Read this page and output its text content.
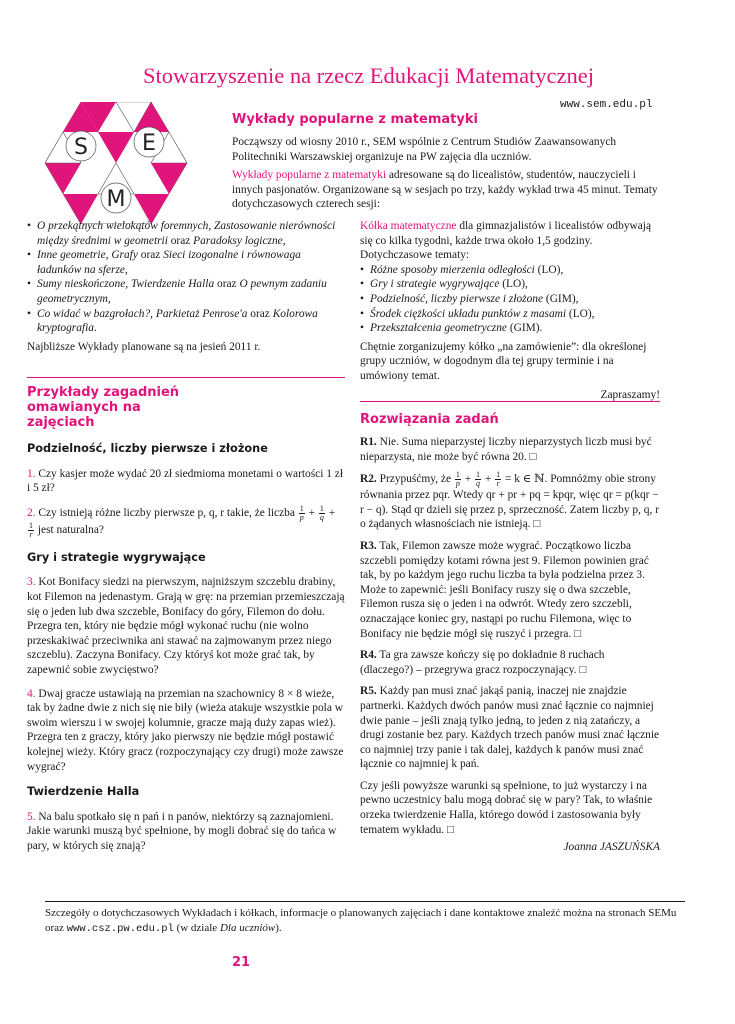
Stowarzyszenie na rzecz Edukacji Matematycznej
www.sem.edu.pl
Wykłady popularne z matematyki
S E
M

Począwszy od wiosny 2010 r., SEM wspólnie z Centrum Studiów Zaawansowanych Politechniki Warszawskiej organizuje na PW zajęcia dla uczniów.

Wykłady popularne z matematyki adresowane są do licealistów, studentów, nauczycieli i innych pasjonatów. Organizowane są w sesjach po trzy, każdy wykład trwa 45 minut. Tematy dotychczasowych czterech sesji:

• O przekątnych wielokątów foremnych, Zastosowanie nierówności między średnimi w geometrii oraz Paradoksy logiczne,
• Inne geometrie, Grafy oraz Sieci izogonalne i równowaga ładunków na sferze,
• Sumy nieskończone, Twierdzenie Halla oraz O pewnym zadaniu geometrycznym,
• Co widać w bazgrołach?, Parkietaż Penrose'a oraz Kolorowa kryptografia.

Najbliższe Wykłady planowane są na jesień 2011 r.

Kółka matematyczne dla gimnazjalistów i licealistów odbywają się co kilka tygodni, każde trwa około 1,5 godziny. Dotychczasowe tematy:

• Różne sposoby mierzenia odległości (LO),
• Gry i strategie wygrywające (LO),
• Podzielność, liczby pierwsze i złożone (GIM),
• Środek ciężkości układu punktów z masami (LO),
• Przekształcenia geometryczne (GIM).

Chętnie zorganizujemy kółko „na zamówienie”: dla określonej grupy uczniów, w dogodnym dla tej grupy terminie i na umówiony temat.

Zapraszamy!

Przykłady zagadnień omawianych na zajęciach
Podzielność, liczby pierwsze i złożone

1. Czy kasjer może wydać 20 zł siedmioma monetami o wartości 1 zł i 5 zł?

2. Czy istnieją różne liczby pierwsze p, q, r takie, że liczba $\frac{1}{p} + \frac{1}{q}$ +
$\frac{1}{r}$ jest naturalna?

Gry i strategie wygrywające

3. Kot Bonifacy siedzi na pierwszym, najniższym szczeblu drabiny, kot Filemon na jedenastym. Grają w grę: na przemian przemieszczają się o jeden lub dwa szczeble, Bonifacy do góry, Filemon do dołu. Przegra ten, który nie będzie mógł wykonać ruchu (nie wolno przeskakiwać przeciwnika ani stawać na zajmowanym przez niego szczeblu). Zaczyna Bonifacy. Czy któryś kot może grać tak, by zapewnić sobie zwycięstwo?

4. Dwaj gracze ustawiają na przemian na szachownicy 8 × 8 wieże, tak by żadne dwie z nich się nie biły (wieża atakuje wszystkie pola w swoim wierszu i w swojej kolumnie, gracze mają duży zapas wież). Przegra ten z graczy, który jako pierwszy nie będzie mógł postawić kolejnej wieży. Który gracz (rozpoczynający czy drugi) może zawsze wygrać?

Twierdzenie Halla

5. Na balu spotkało się n pań i n panów, niektórzy są zaznajomieni. Jakie warunki muszą być spełnione, by mogli dobrać się do tańca w pary, w których się znają?

Rozwiązania zadań

R1. Nie. Suma nieparzystej liczby nieparzystych liczb musi być nieparzysta, nie może być równa 20. □

R2. Przypuśćmy, że $\frac{1}{p} + \frac{1}{q} + \frac{1}{r} = k$ ∈ ℕ. Pomnóżmy obie strony równania przez pqr. Wtedy qr + pr + pq = kpqr, więc qr = p(kqr − r − q). Stąd qr dzieli się przez p, sprzeczność. Zatem liczby p, q, r o żądanych własnościach nie istnieją. □

R3. Tak, Filemon zawsze może wygrać. Początkowo liczba szczebli pomiędzy kotami równa jest 9. Filemon powinien grać tak, by po każdym jego ruchu liczba ta była podzielna przez 3. Może to zapewnić: jeśli Bonifacy ruszy się o dwa szczeble, Filemon rusza się o jeden i na odwrót. Wtedy zero szczebli, oznaczające koniec gry, nastąpi po ruchu Filemona, więc to Bonifacy nie będzie mógł się ruszyć i przegra. □

R4. Ta gra zawsze kończy się po dokładnie 8 ruchach (dlaczego?) – przegrywa gracz rozpoczynający. □

R5. Każdy pan musi znać jakąś panią, inaczej nie znajdzie partnerki. Każdych dwóch panów musi znać łącznie co najmniej dwie panie – jeśli znają tylko jedną, to jeden z nią zatańczy, a drugi zostanie bez pary. Każdych trzech panów musi znać łącznie co najmniej trzy panie i tak dalej, każdych k panów musi znać łącznie co najmniej k pań.

Czy jeśli powyższe warunki są spełnione, to już wystarczy i na pewno uczestnicy balu mogą dobrać się w pary? Tak, to właśnie orzeka twierdzenie Halla, którego dowód i zastosowania były tematem wykładu. □

Joanna JASZUŃSKA

Szczegóły o dotychczasowych Wykładach i kółkach, informacje o planowanych zajęciach i dane kontaktowe znaleźć można na stronach SEMu oraz www.csz.pw.edu.pl (w dziale Dla uczniów).
21
